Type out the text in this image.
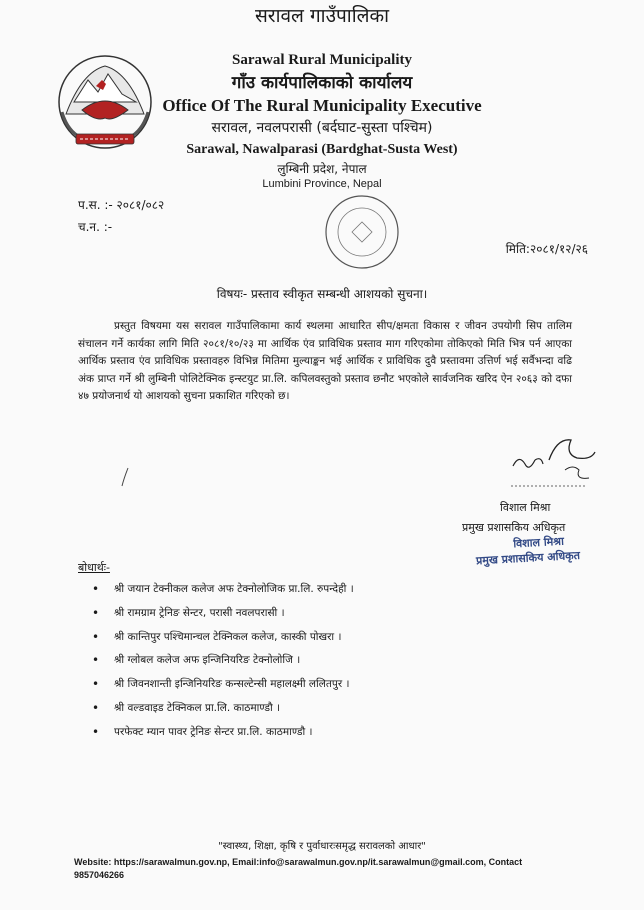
सरावल गाउँपालिका
Sarawal Rural Municipality
गाँउ कार्यपालिकाको कार्यालय
Office Of The Rural Municipality Executive
सरावल, नवलपरासी (बर्दघाट-सुस्ता पश्चिम)
Sarawal, Nawalparasi (Bardghat-Susta West)
लुम्बिनी प्रदेश, नेपाल
Lumbini Province, Nepal
प.स. :- २०८१/०८२
च.न. :-
मिति:२०८१/१२/२६
विषयः- प्रस्ताव स्वीकृत सम्बन्धी आशयको सुचना।
प्रस्तुत विषयमा यस सरावल गाउँपालिकामा कार्य स्थलमा आधारित सीप/क्षमता विकास र जीवन उपयोगी सिप तालिम संचालन गर्ने कार्यका लागि मिति २०८१/१०/२३ मा आर्थिक एंव प्राविधिक प्रस्ताव माग गरिएकोमा तोकिएको मिति भित्र पर्न आएका आर्थिक प्रस्ताव एंव प्राविधिक प्रस्तावहरु विभिन्न मितिमा मुल्याङ्कन भई आर्थिक र प्राविधिक दुवै प्रस्तावमा उत्तिर्ण भई सर्वैभन्दा वढि अंक प्राप्त गर्ने श्री लुम्बिनी पोलिटेक्निक इन्स्टयुट प्रा.लि. कपिलवस्तुको प्रस्ताव छनौट भएकोले सार्वजनिक खरिद ऐन २०६३ को दफा ४७ प्रयोजनार्थ यो आशयको सुचना प्रकाशित गरिएको छ।
विशाल मिश्रा
प्रमुख प्रशासकिय अधिकृत
विशाल मिश्रा
प्रमुख प्रशासकिय अधिकृत
बोधार्थः-
• श्री जयान टेक्नीकल कलेज अफ टेक्नोलोजिक प्रा.लि. रुपन्देही ।
• श्री रामग्राम ट्रेनिङ सेन्टर, परासी नवलपरासी ।
• श्री कान्तिपुर पश्चिमान्चल टेक्निकल कलेज, कास्की पोखरा ।
• श्री ग्लोबल कलेज अफ इन्जिनियरिङ टेक्नोलोजि ।
• श्री जिवनशान्ती इन्जिनियरिङ कन्सल्टेन्सी महालक्ष्मी ललितपुर ।
• श्री वल्डवाइड टेक्निकल प्रा.लि. काठमाण्डौ ।
• परफेक्ट म्यान पावर ट्रेनिङ सेन्टर प्रा.लि. काठमाण्डौ ।
"स्वास्थ्य, शिक्षा, कृषि र पुर्वाधारःसमृद्ध सरावलको आधार"
Website: https://sarawalmun.gov.np, Email:info@sarawalmun.gov.np/it.sarawalmun@gmail.com, Contact 9857046266
